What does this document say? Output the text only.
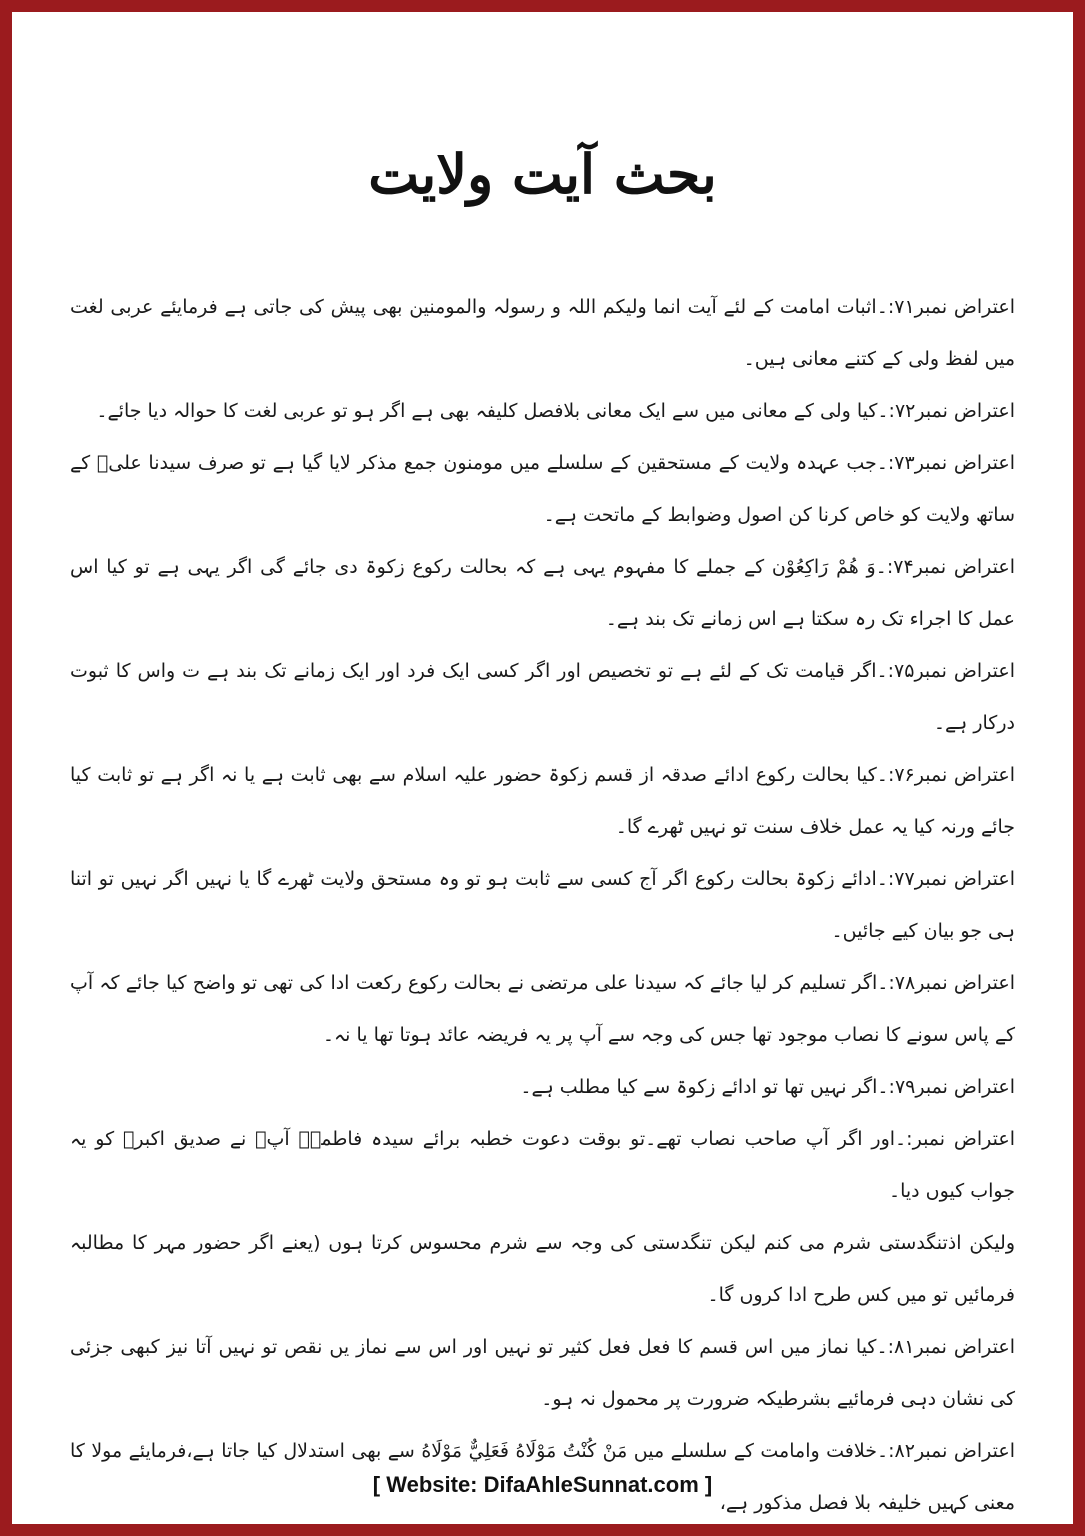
بحث آیت ولایت

اعتراض نمبر۷۱:۔اثبات امامت کے لئے آیت انما ولیکم اللہ و رسولہ والمومنین بھی پیش کی جاتی ہے فرمایئے عربی لغت میں لفظ ولی کے کتنے معانی ہیں۔

اعتراض نمبر۷۲:۔کیا ولی کے معانی میں سے ایک معانی بلافصل کلیفہ بھی ہے اگر ہو تو عربی لغت کا حوالہ دیا جائے۔

اعتراض نمبر۷۳:۔جب عہدہ ولایت کے مستحقین کے سلسلے میں مومنون جمع مذکر لایا گیا ہے تو صرف سیدنا علیؓ کے ساتھ ولایت کو خاص کرنا کن اصول وضوابط کے ماتحت ہے۔

اعتراض نمبر۷۴:۔وَ هُمْ رَاكِعُوْن کے جملے کا مفہوم یہی ہے کہ بحالت رکوع زکوۃ دی جائے گی اگر یہی ہے تو کیا اس عمل کا اجراء تک رہ سکتا ہے اس زمانے تک بند ہے۔

اعتراض نمبر۷۵:۔اگر قیامت تک کے لئے ہے تو تخصیص اور اگر کسی ایک فرد اور ایک زمانے تک بند ہے ت واس کا ثبوت درکار ہے۔

اعتراض نمبر۷۶:۔کیا بحالت رکوع ادائے صدقہ از قسم زکوۃ حضور علیہ اسلام سے بھی ثابت ہے یا نہ اگر ہے تو ثابت کیا جائے ورنہ کیا یہ عمل خلاف سنت تو نہیں ٹھرے گا۔

اعتراض نمبر۷۷:۔ادائے زکوۃ بحالت رکوع اگر آج کسی سے ثابت ہو تو وہ مستحق ولایت ٹھرے گا یا نہیں اگر نہیں تو اتنا ہی جو بیان کیے جائیں۔

اعتراض نمبر۷۸:۔اگر تسلیم کر لیا جائے کہ سیدنا علی مرتضی نے بحالت رکوع رکعت ادا کی تھی تو واضح کیا جائے کہ آپ کے پاس سونے کا نصاب موجود تھا جس کی وجہ سے آپ پر یہ فریضہ عائد ہوتا تھا یا نہ۔

اعتراض نمبر۷۹:۔اگر نہیں تھا تو ادائے زکوۃ سے کیا مطلب ہے۔

اعتراض نمبر:۔اور اگر آپ صاحب نصاب تھے۔تو بوقت دعوت خطبہ برائے سیدہ فاطمہؓ آپؑ نے صدیق اکبرؓ کو یہ جواب کیوں دیا۔

ولیکن اذتنگدستی شرم می کنم لیکن تنگدستی کی وجہ سے شرم محسوس کرتا ہوں (یعنے اگر حضور مہر کا مطالبہ فرمائیں تو میں کس طرح ادا کروں گا۔

اعتراض نمبر۸۱:۔کیا نماز میں اس قسم کا فعل فعل کثیر تو نہیں اور اس سے نماز یں نقص تو نہیں آتا نیز کبھی جزئی کی نشان دہی فرمائیے بشرطیکہ ضرورت پر محمول نہ ہو۔

اعتراض نمبر۸۲:۔خلافت وامامت کے سلسلے میں مَنْ كُنْتُ مَوْلَاهُ فَعَلِيٌّ مَوْلَاهُ سے بھی استدلال کیا جاتا ہے،فرمایئے مولا کا معنی کہیں خلیفہ بلا فصل مذکور ہے،

[ Website: DifaAhleSunnat.com ]
